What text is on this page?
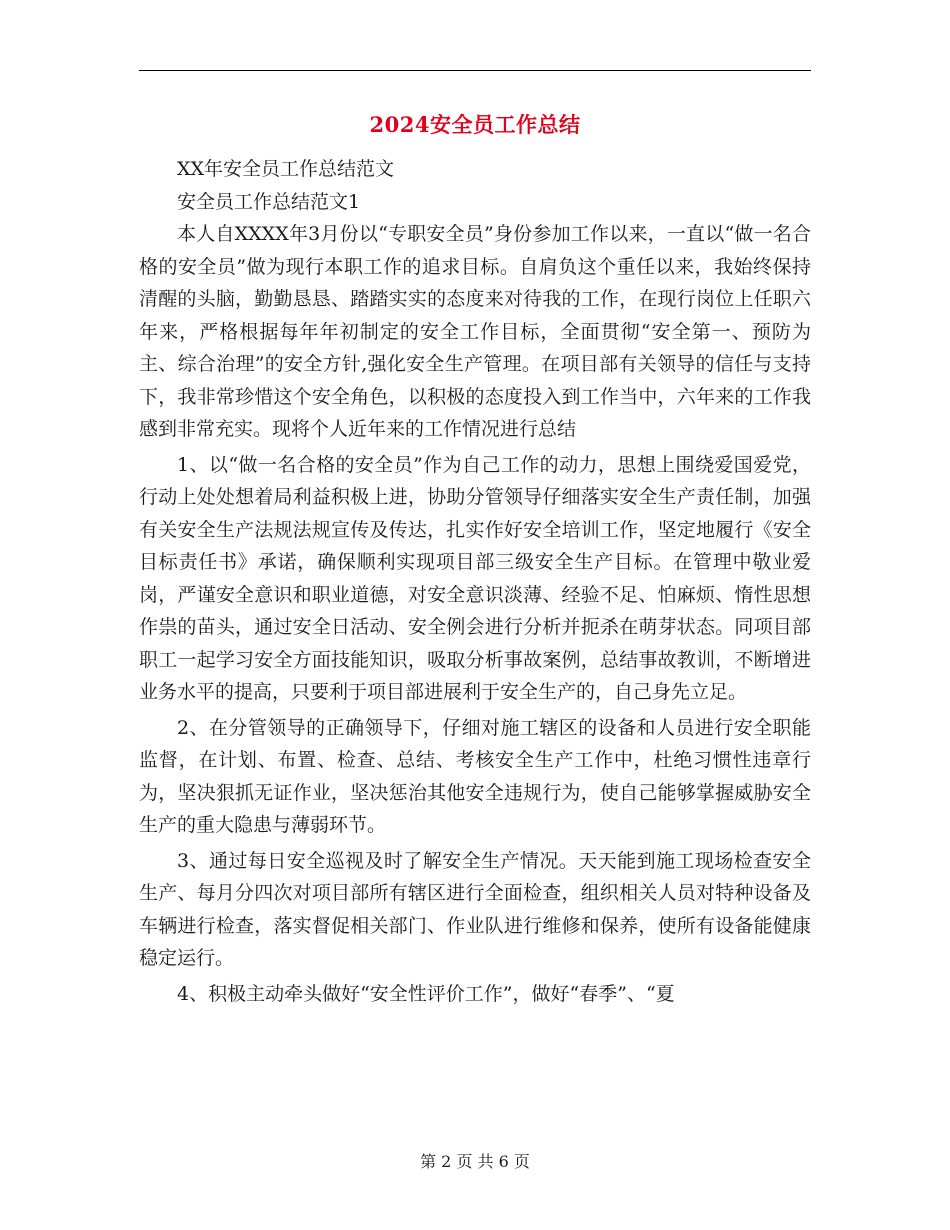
2024安全员工作总结

XX年安全员工作总结范文

安全员工作总结范文1

本人自XXXX年3月份以“专职安全员”身份参加工作以来，一直以“做一名合格的安全员”做为现行本职工作的追求目标。自肩负这个重任以来，我始终保持清醒的头脑，勤勤恳恳、踏踏实实的态度来对待我的工作，在现行岗位上任职六年来，严格根据每年年初制定的安全工作目标，全面贯彻“安全第一、预防为主、综合治理”的安全方针,强化安全生产管理。在项目部有关领导的信任与支持下，我非常珍惜这个安全角色，以积极的态度投入到工作当中，六年来的工作我感到非常充实。现将个人近年来的工作情况进行总结

1、以“做一名合格的安全员”作为自己工作的动力，思想上围绕爱国爱党，行动上处处想着局利益积极上进，协助分管领导仔细落实安全生产责任制，加强有关安全生产法规法规宣传及传达，扎实作好安全培训工作，坚定地履行《安全目标责任书》承诺，确保顺利实现项目部三级安全生产目标。在管理中敬业爱岗，严谨安全意识和职业道德，对安全意识淡薄、经验不足、怕麻烦、惰性思想作祟的苗头，通过安全日活动、安全例会进行分析并扼杀在萌芽状态。同项目部职工一起学习安全方面技能知识，吸取分析事故案例，总结事故教训，不断增进业务水平的提高，只要利于项目部进展利于安全生产的，自己身先立足。

2、在分管领导的正确领导下，仔细对施工辖区的设备和人员进行安全职能监督，在计划、布置、检查、总结、考核安全生产工作中，杜绝习惯性违章行为，坚决狠抓无证作业，坚决惩治其他安全违规行为，使自己能够掌握威胁安全生产的重大隐患与薄弱环节。

3、通过每日安全巡视及时了解安全生产情况。天天能到施工现场检查安全生产、每月分四次对项目部所有辖区进行全面检查，组织相关人员对特种设备及车辆进行检查，落实督促相关部门、作业队进行维修和保养，使所有设备能健康稳定运行。

4、积极主动牵头做好“安全性评价工作”，做好“春季”、“夏

第 2 页 共 6 页
